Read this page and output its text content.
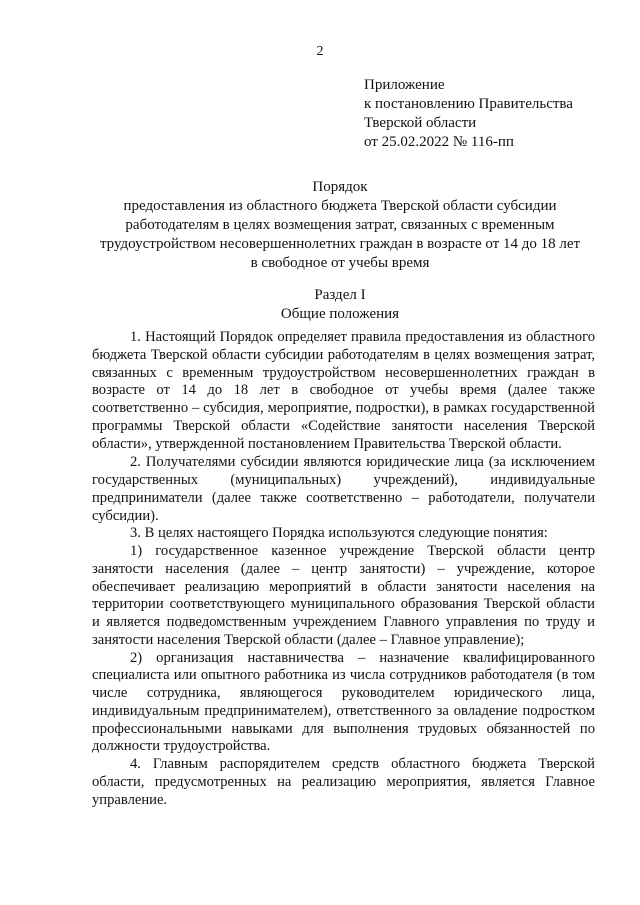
2
Приложение
к постановлению Правительства
Тверской области
от 25.02.2022 № 116-пп
Порядок
предоставления из областного бюджета Тверской области субсидии
работодателям в целях возмещения затрат, связанных с временным
трудоустройством несовершеннолетних граждан в возрасте от 14 до 18 лет
в свободное от учебы время
Раздел I
Общие положения

1. Настоящий Порядок определяет правила предоставления из областного бюджета Тверской области субсидии работодателям в целях возмещения затрат, связанных с временным трудоустройством несовершеннолетних граждан в возрасте от 14 до 18 лет в свободное от учебы время (далее также соответственно – субсидия, мероприятие, подростки), в рамках государственной программы Тверской области «Содействие занятости населения Тверской области», утвержденной постановлением Правительства Тверской области.

2. Получателями субсидии являются юридические лица (за исключением государственных (муниципальных) учреждений), индивидуальные предприниматели (далее также соответственно – работодатели, получатели субсидии).

3. В целях настоящего Порядка используются следующие понятия:

1) государственное казенное учреждение Тверской области центр занятости населения (далее – центр занятости) – учреждение, которое обеспечивает реализацию мероприятий в области занятости населения на территории соответствующего муниципального образования Тверской области и является подведомственным учреждением Главного управления по труду и занятости населения Тверской области (далее – Главное управление);

2) организация наставничества – назначение квалифицированного специалиста или опытного работника из числа сотрудников работодателя (в том числе сотрудника, являющегося руководителем юридического лица, индивидуальным предпринимателем), ответственного за овладение подростком профессиональными навыками для выполнения трудовых обязанностей по должности трудоустройства.

4. Главным распорядителем средств областного бюджета Тверской области, предусмотренных на реализацию мероприятия, является Главное управление.
